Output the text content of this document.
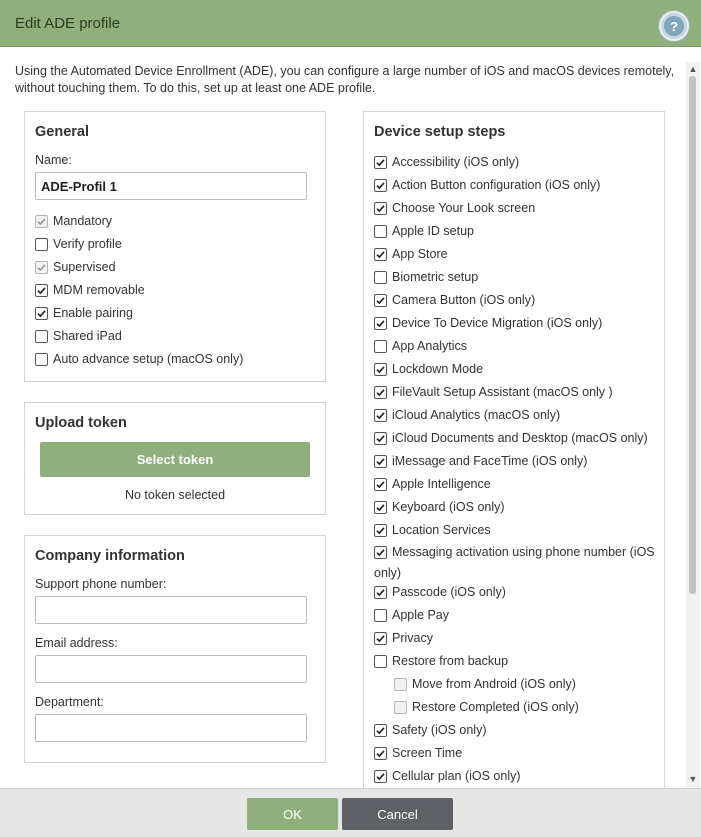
Edit ADE profile	?
Using the Automated Device Enrollment (ADE), you can configure a large number of iOS and macOS devices remotely, without touching them. To do this, set up at least one ADE profile.
General
Name:
ADE-Profil 1
Mandatory
Verify profile
Supervised
MDM removable
Enable pairing
Shared iPad
Auto advance setup (macOS only)
Upload token
Select token
No token selected
Company information
Support phone number:
Email address:
Department:
Device setup steps
Accessibility (iOS only)
Action Button configuration (iOS only)
Choose Your Look screen
Apple ID setup
App Store
Biometric setup
Camera Button (iOS only)
Device To Device Migration (iOS only)
App Analytics
Lockdown Mode
FileVault Setup Assistant (macOS only )
iCloud Analytics (macOS only)
iCloud Documents and Desktop (macOS only)
iMessage and FaceTime (iOS only)
Apple Intelligence
Keyboard (iOS only)
Location Services
Messaging activation using phone number (iOS only)
Passcode (iOS only)
Apple Pay
Privacy
Restore from backup
Move from Android (iOS only)
Restore Completed (iOS only)
Safety (iOS only)
Screen Time
Cellular plan (iOS only)
▲
▼
OK	Cancel
